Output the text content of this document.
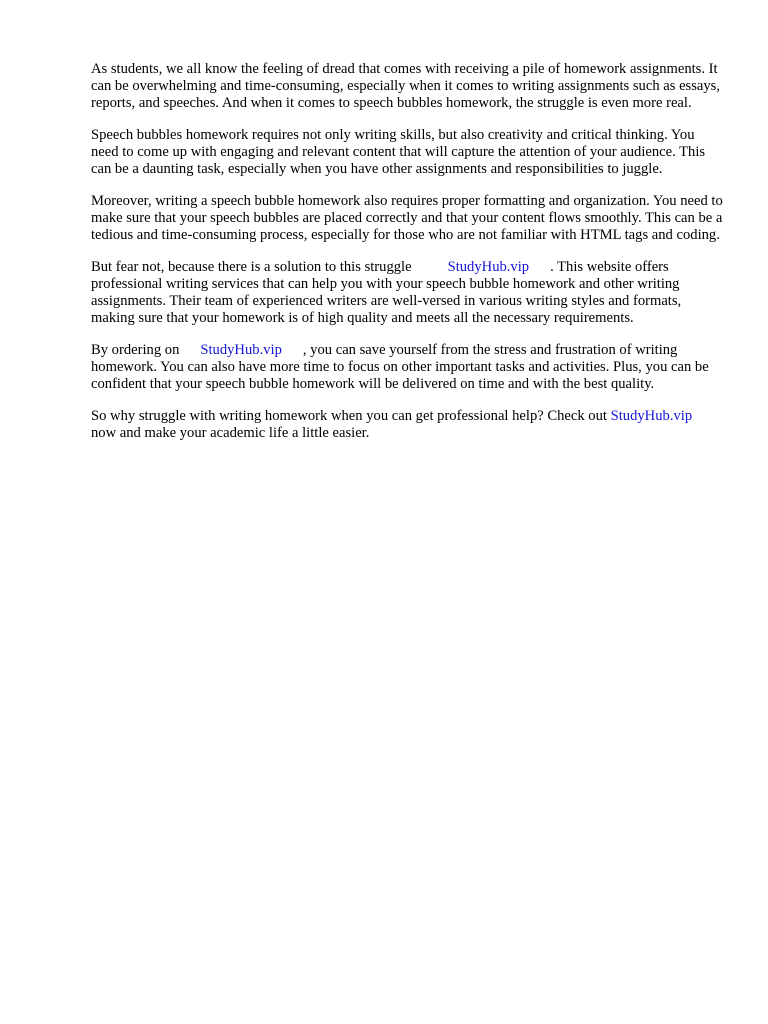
As students, we all know the feeling of dread that comes with receiving a pile of homework assignments. It can be overwhelming and time-consuming, especially when it comes to writing assignments such as essays, reports, and speeches. And when it comes to speech bubbles homework, the struggle is even more real.

Speech bubbles homework requires not only writing skills, but also creativity and critical thinking. You need to come up with engaging and relevant content that will capture the attention of your audience. This can be a daunting task, especially when you have other assignments and responsibilities to juggle.

Moreover, writing a speech bubble homework also requires proper formatting and organization. You need to make sure that your speech bubbles are placed correctly and that your content flows smoothly. This can be a tedious and time-consuming process, especially for those who are not familiar with HTML tags and coding.

But fear not, because there is a solution to this struggle StudyHub.vip . This website offers professional writing services that can help you with your speech bubble homework and other writing assignments. Their team of experienced writers are well-versed in various writing styles and formats, making sure that your homework is of high quality and meets all the necessary requirements.

By ordering on StudyHub.vip , you can save yourself from the stress and frustration of writing homework. You can also have more time to focus on other important tasks and activities. Plus, you can be confident that your speech bubble homework will be delivered on time and with the best quality.

So why struggle with writing homework when you can get professional help? Check out StudyHub.vipnow and make your academic life a little easier.
